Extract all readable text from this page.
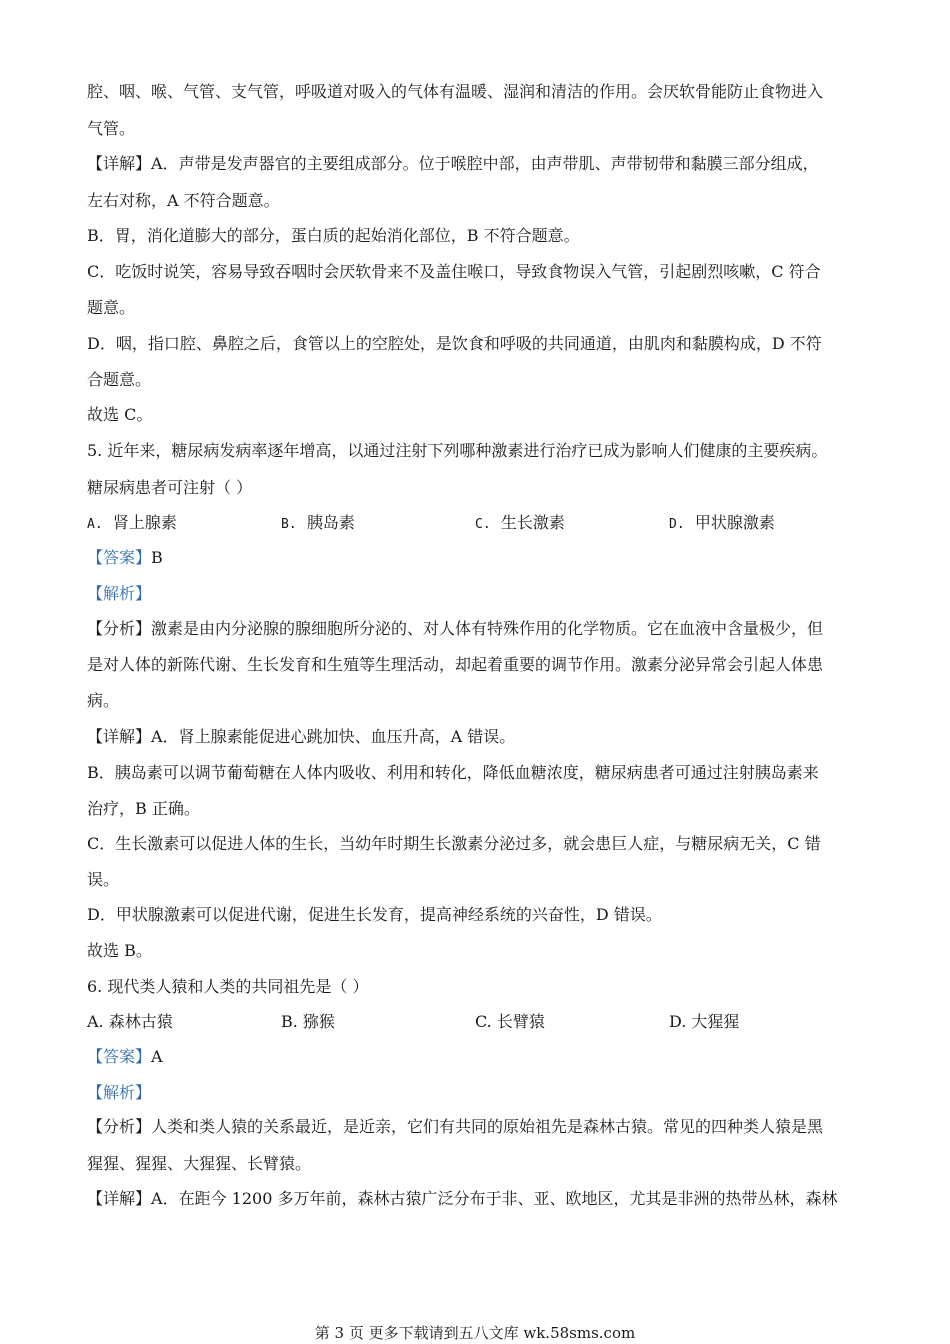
腔、咽、喉、气管、支气管，呼吸道对吸入的气体有温暖、湿润和清洁的作用。会厌软骨能防止食物进入
气管。
【详解】A．声带是发声器官的主要组成部分。位于喉腔中部，由声带肌、声带韧带和黏膜三部分组成，
左右对称，A 不符合题意。
B．胃，消化道膨大的部分，蛋白质的起始消化部位，B 不符合题意。
C．吃饭时说笑，容易导致吞咽时会厌软骨来不及盖住喉口，导致食物误入气管，引起剧烈咳嗽，C 符合
题意。
D．咽，指口腔、鼻腔之后，食管以上的空腔处，是饮食和呼吸的共同通道，由肌肉和黏膜构成，D 不符
合题意。
故选 C。
5. 近年来，糖尿病发病率逐年增高，以通过注射下列哪种激素进行治疗已成为影响人们健康的主要疾病。
糖尿病患者可注射（ ）
A. 肾上腺素	B. 胰岛素	C. 生长激素	D. 甲状腺激素
【答案】B
【解析】
【分析】激素是由内分泌腺的腺细胞所分泌的、对人体有特殊作用的化学物质。它在血液中含量极少，但
是对人体的新陈代谢、生长发育和生殖等生理活动，却起着重要的调节作用。激素分泌异常会引起人体患
病。
【详解】A．肾上腺素能促进心跳加快、血压升高，A 错误。
B．胰岛素可以调节葡萄糖在人体内吸收、利用和转化，降低血糖浓度，糖尿病患者可通过注射胰岛素来
治疗，B 正确。
C．生长激素可以促进人体的生长，当幼年时期生长激素分泌过多，就会患巨人症，与糖尿病无关，C 错
误。
D．甲状腺激素可以促进代谢，促进生长发育，提高神经系统的兴奋性，D 错误。
故选 B。
6. 现代类人猿和人类的共同祖先是（ ）
A. 森林古猿	B. 猕猴	C. 长臂猿	D. 大猩猩
【答案】A
【解析】
【分析】人类和类人猿的关系最近，是近亲，它们有共同的原始祖先是森林古猿。常见的四种类人猿是黑
猩猩、猩猩、大猩猩、长臂猿。
【详解】A．在距今 1200 多万年前，森林古猿广泛分布于非、亚、欧地区，尤其是非洲的热带丛林，森林
第 3 页 更多下载请到五八文库 wk.58sms.com
